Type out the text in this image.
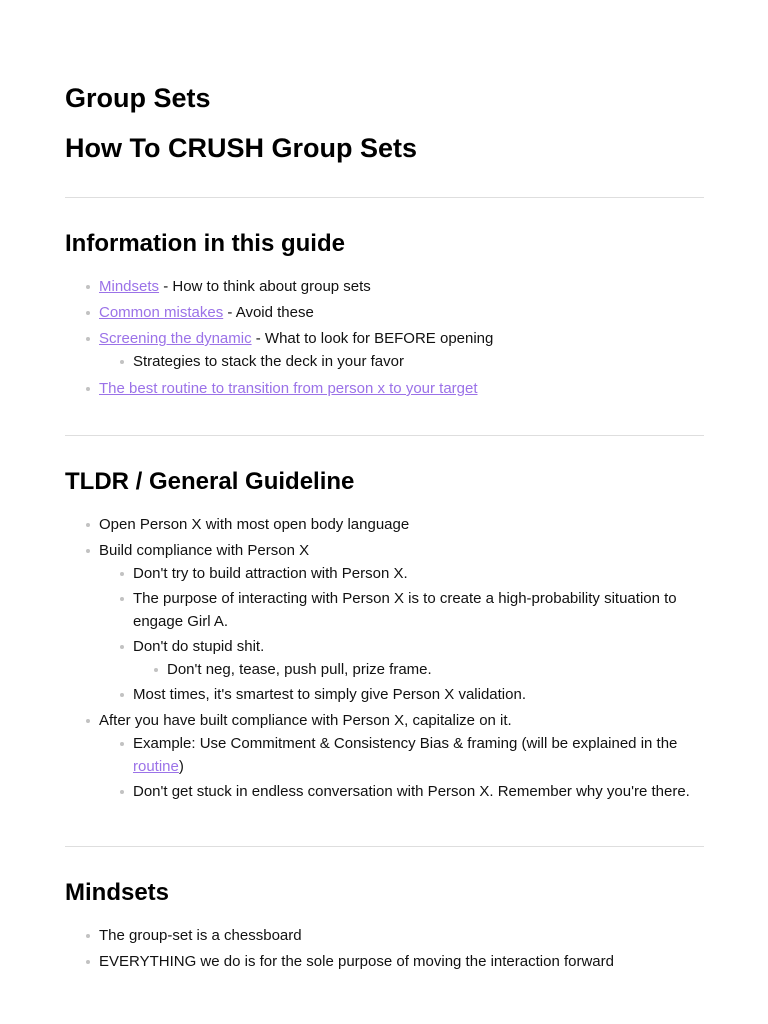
Group Sets
How To CRUSH Group Sets
Information in this guide
Mindsets - How to think about group sets
Common mistakes - Avoid these
Screening the dynamic - What to look for BEFORE opening
Strategies to stack the deck in your favor
The best routine to transition from person x to your target
TLDR / General Guideline
Open Person X with most open body language
Build compliance with Person X
Don't try to build attraction with Person X.
The purpose of interacting with Person X is to create a high-probability situation to engage Girl A.
Don't do stupid shit.
Don't neg, tease, push pull, prize frame.
Most times, it's smartest to simply give Person X validation.
After you have built compliance with Person X, capitalize on it.
Example: Use Commitment & Consistency Bias & framing (will be explained in the routine)
Don't get stuck in endless conversation with Person X. Remember why you're there.
Mindsets
The group-set is a chessboard
EVERYTHING we do is for the sole purpose of moving the interaction forward
